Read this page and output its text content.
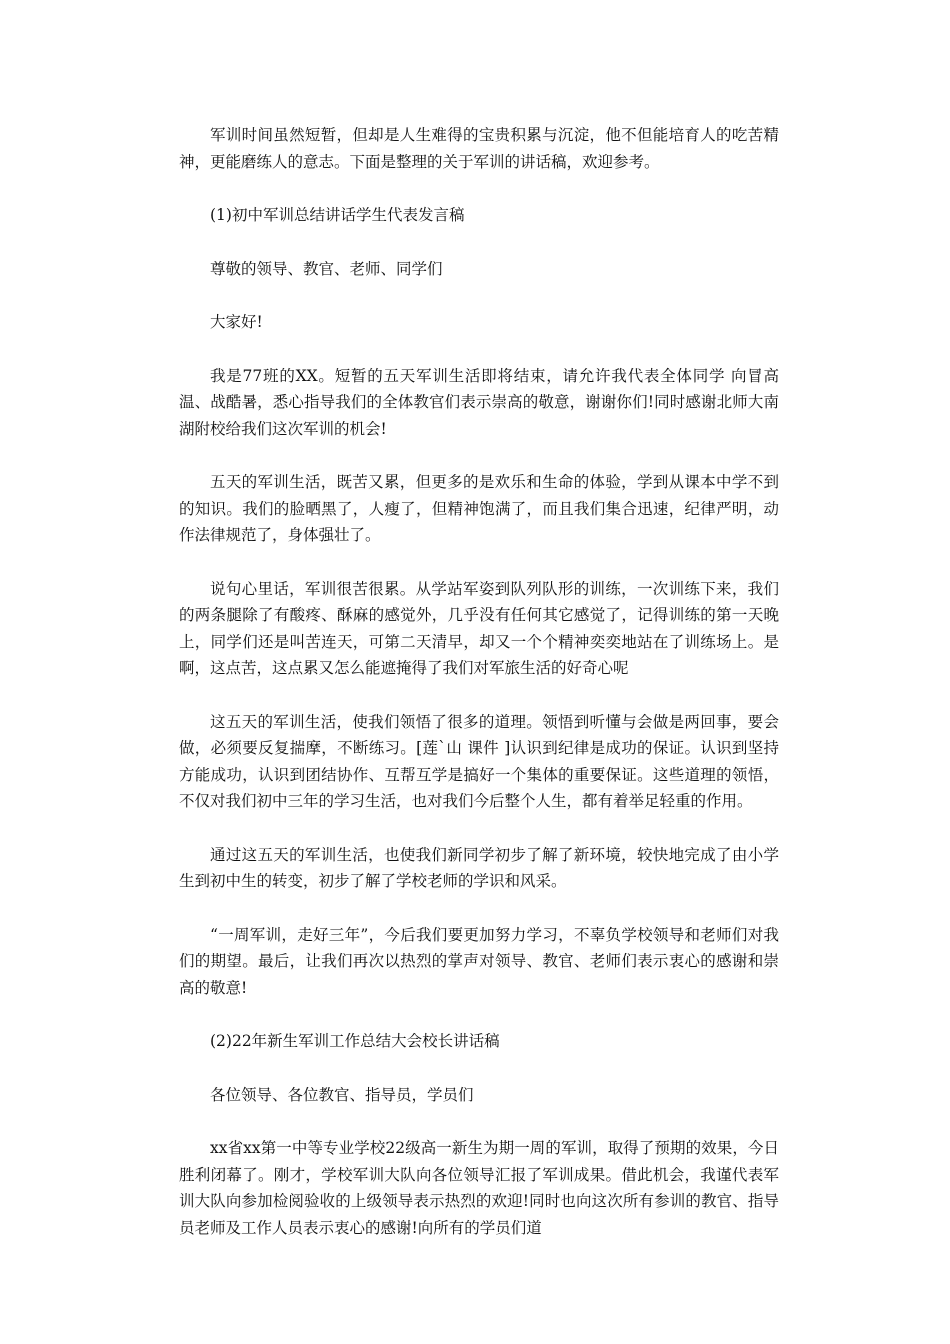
军训时间虽然短暂，但却是人生难得的宝贵积累与沉淀，他不但能培育人的吃苦精神，更能磨练人的意志。下面是整理的关于军训的讲话稿，欢迎参考。

(1)初中军训总结讲话学生代表发言稿

尊敬的领导、教官、老师、同学们

大家好!

我是77班的XX。短暂的五天军训生活即将结束，请允许我代表全体同学 向冒高温、战酷暑，悉心指导我们的全体教官们表示崇高的敬意，谢谢你们!同时感谢北师大南湖附校给我们这次军训的机会!

五天的军训生活，既苦又累，但更多的是欢乐和生命的体验，学到从课本中学不到的知识。我们的脸晒黑了，人瘦了，但精神饱满了，而且我们集合迅速，纪律严明，动作法律规范了，身体强壮了。

说句心里话，军训很苦很累。从学站军姿到队列队形的训练，一次训练下来，我们的两条腿除了有酸疼、酥麻的感觉外，几乎没有任何其它感觉了，记得训练的第一天晚上，同学们还是叫苦连天，可第二天清早，却又一个个精神奕奕地站在了训练场上。是啊，这点苦，这点累又怎么能遮掩得了我们对军旅生活的好奇心呢

这五天的军训生活，使我们领悟了很多的道理。领悟到听懂与会做是两回事，要会做，必须要反复揣摩，不断练习。[莲`山 课件 ]认识到纪律是成功的保证。认识到坚持方能成功，认识到团结协作、互帮互学是搞好一个集体的重要保证。这些道理的领悟，不仅对我们初中三年的学习生活，也对我们今后整个人生，都有着举足轻重的作用。

通过这五天的军训生活，也使我们新同学初步了解了新环境，较快地完成了由小学生到初中生的转变，初步了解了学校老师的学识和风采。

“一周军训，走好三年”，今后我们要更加努力学习，不辜负学校领导和老师们对我们的期望。最后，让我们再次以热烈的掌声对领导、教官、老师们表示衷心的感谢和崇高的敬意!

(2)22年新生军训工作总结大会校长讲话稿

各位领导、各位教官、指导员，学员们

xx省xx第一中等专业学校22级高一新生为期一周的军训，取得了预期的效果，今日胜利闭幕了。刚才，学校军训大队向各位领导汇报了军训成果。借此机会，我谨代表军训大队向参加检阅验收的上级领导表示热烈的欢迎!同时也向这次所有参训的教官、指导员老师及工作人员表示衷心的感谢!向所有的学员们道
